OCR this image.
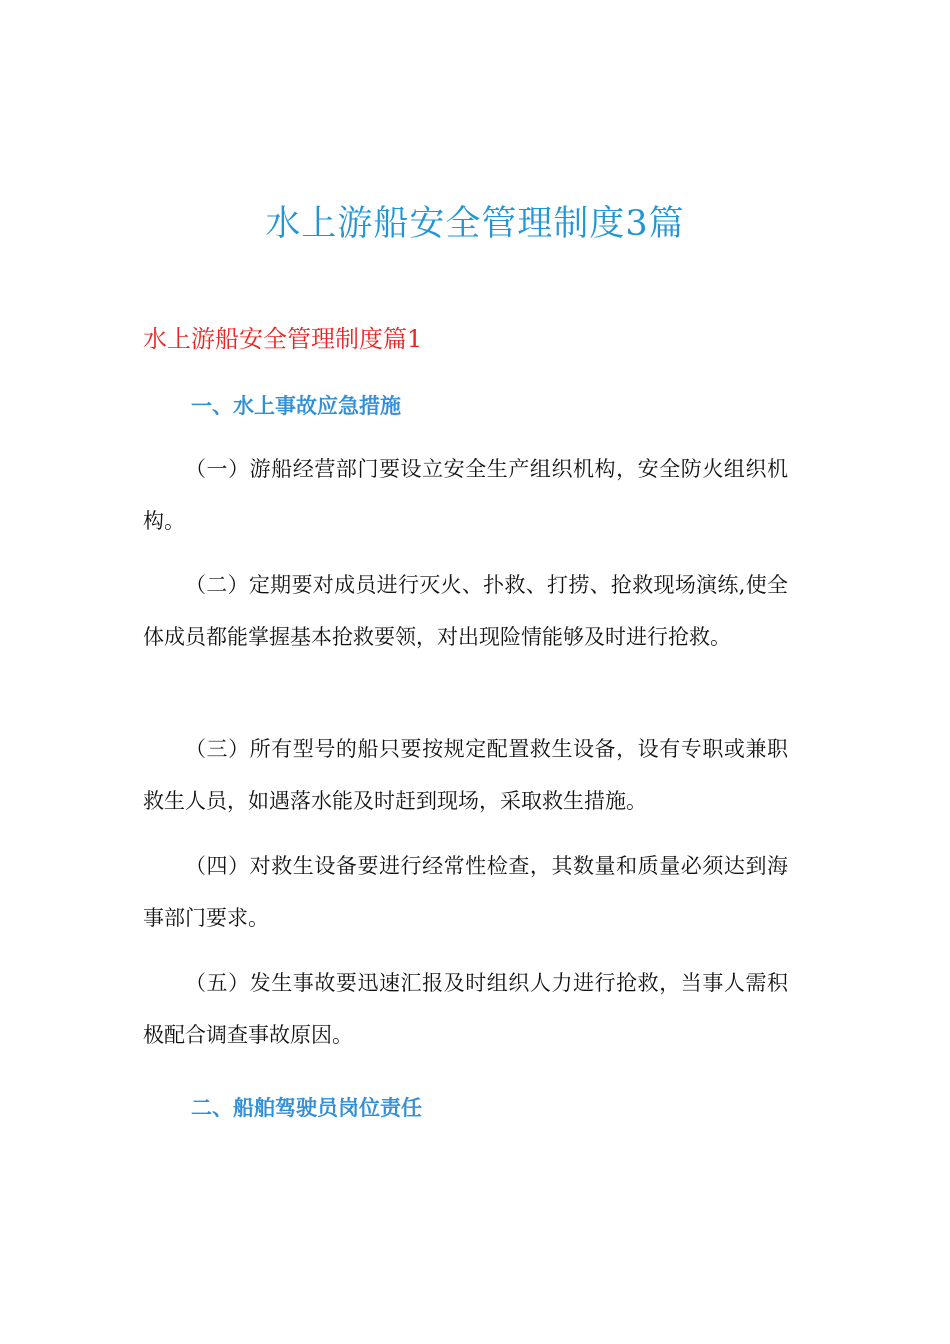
水上游船安全管理制度3篇
水上游船安全管理制度篇1
一、水上事故应急措施

（一）游船经营部门要设立安全生产组织机构，安全防火组织机构。

（二）定期要对成员进行灭火、扑救、打捞、抢救现场演练,使全体成员都能掌握基本抢救要领，对出现险情能够及时进行抢救。

（三）所有型号的船只要按规定配置救生设备，设有专职或兼职救生人员，如遇落水能及时赶到现场，采取救生措施。

（四）对救生设备要进行经常性检查，其数量和质量必须达到海事部门要求。

（五）发生事故要迅速汇报及时组织人力进行抢救，当事人需积极配合调查事故原因。

二、船舶驾驶员岗位责任
